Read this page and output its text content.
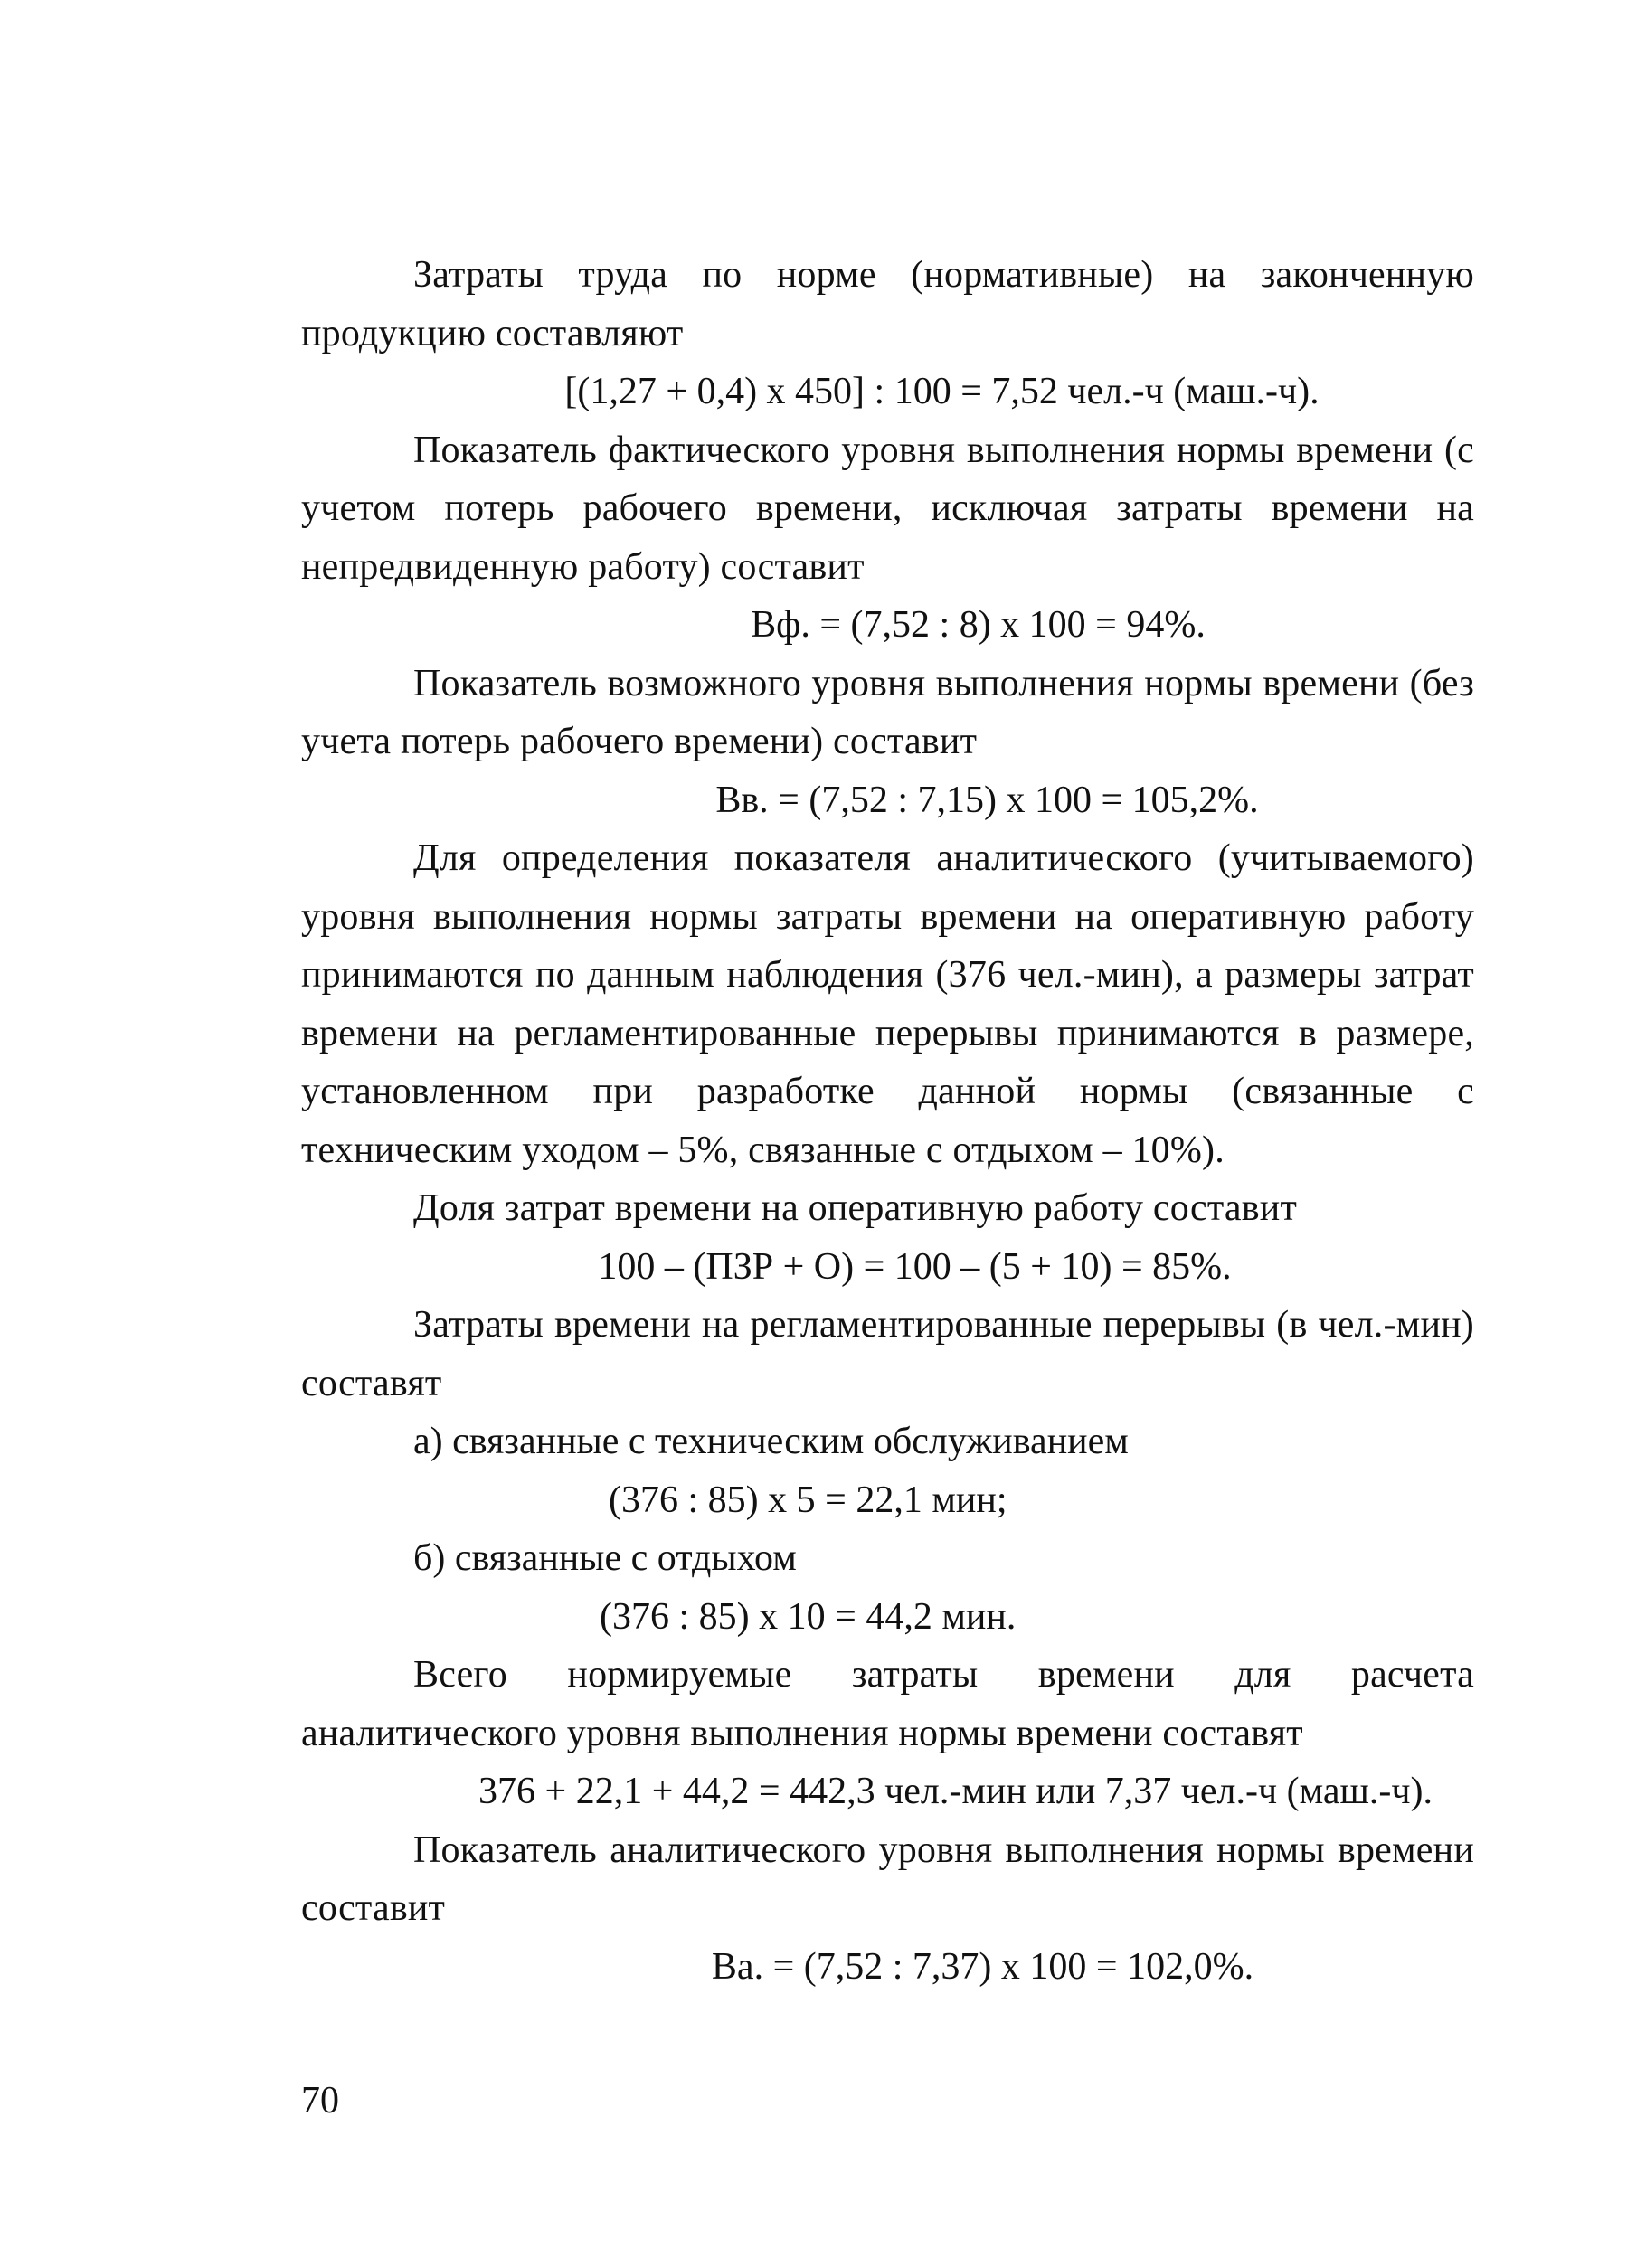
Затраты труда по норме (нормативные) на законченную продукцию составляют

[(1,27 + 0,4) х 450] : 100 = 7,52 чел.-ч (маш.-ч).

Показатель фактического уровня выполнения нормы времени (с учетом потерь рабочего времени, исключая затраты времени на непредвиденную работу) составит

Вф. = (7,52 : 8) х 100 = 94%.

Показатель возможного уровня выполнения нормы времени (без учета потерь рабочего времени) составит

Вв. = (7,52 : 7,15) х 100 = 105,2%.

Для определения показателя аналитического (учитываемого) уровня выполнения нормы затраты времени на оперативную работу принимаются по данным наблюдения (376 чел.-мин), а размеры затрат времени на регламентированные перерывы принимаются в размере, установленном при разработке данной нормы (связанные с техническим уходом – 5%, связанные с отдыхом – 10%).

Доля затрат времени на оперативную работу составит

100 – (ПЗР + О) = 100 – (5 + 10) = 85%.

Затраты времени на регламентированные перерывы (в чел.-мин) составят

а) связанные с техническим обслуживанием

(376 : 85) х 5 = 22,1 мин;

б) связанные с отдыхом

(376 : 85) х 10 = 44,2 мин.

Всего нормируемые затраты времени для расчета аналитического уровня выполнения нормы времени составят

376 + 22,1 + 44,2 = 442,3 чел.-мин или 7,37 чел.-ч (маш.-ч).

Показатель аналитического уровня выполнения нормы времени составит

Ва. = (7,52 : 7,37) х 100 = 102,0%.

70
